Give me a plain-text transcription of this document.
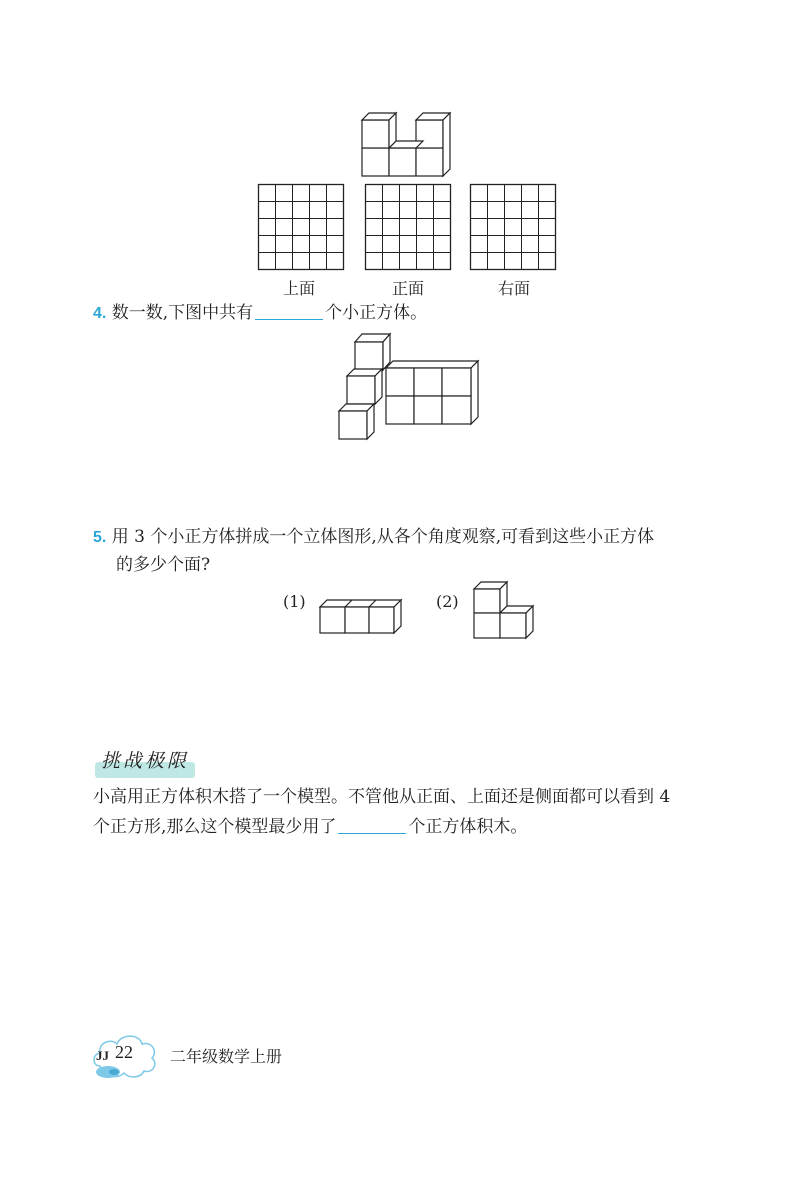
上面	正面	右面
4. 数一数,下图中共有	个小正方体。
5. 用 3 个小正方体拼成一个立体图形,从各个角度观察,可看到这些小正方体
的多少个面?
(1)	(2)
挑战极限
小高用正方体积木搭了一个模型。不管他从正面、上面还是侧面都可以看到 4
个正方形,那么这个模型最少用了	个正方体积木。
JJ 22 二年级数学上册
